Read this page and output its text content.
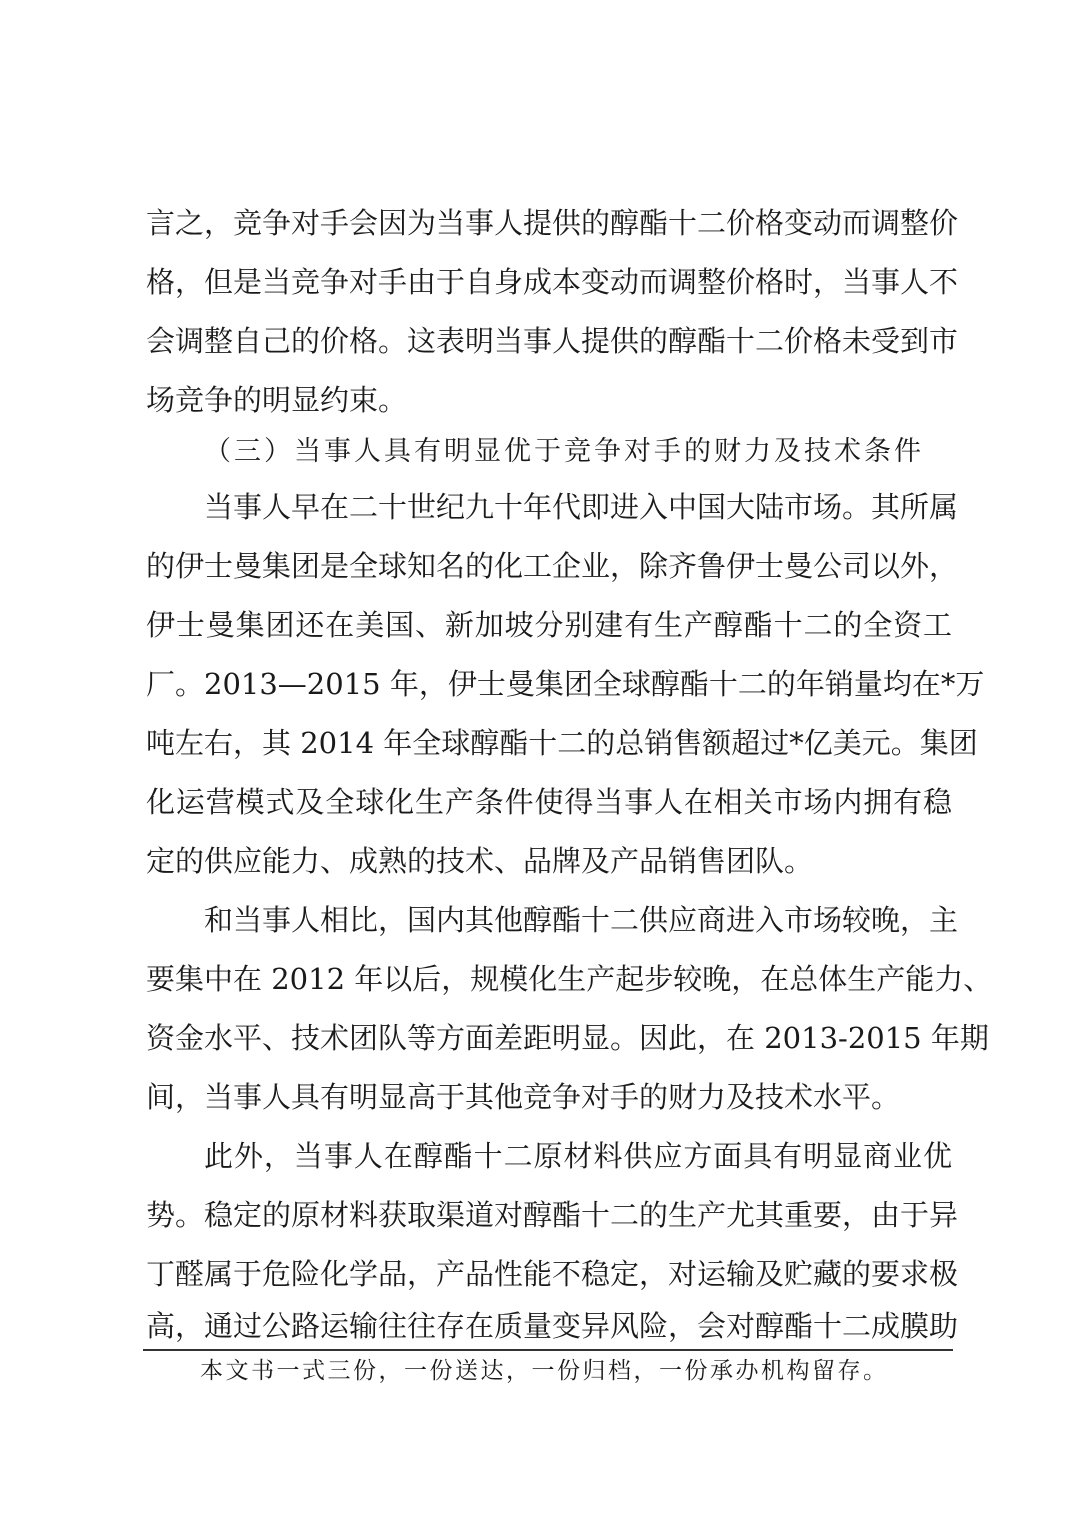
言之，竞争对手会因为当事人提供的醇酯十二价格变动而调整价
格，但是当竞争对手由于自身成本变动而调整价格时，当事人不
会调整自己的价格。这表明当事人提供的醇酯十二价格未受到市
场竞争的明显约束。
（三）当事人具有明显优于竞争对手的财力及技术条件
当事人早在二十世纪九十年代即进入中国大陆市场。其所属
的伊士曼集团是全球知名的化工企业，除齐鲁伊士曼公司以外，
伊士曼集团还在美国、新加坡分别建有生产醇酯十二的全资工
厂。2013—2015 年，伊士曼集团全球醇酯十二的年销量均在*万
吨左右，其 2014 年全球醇酯十二的总销售额超过*亿美元。集团
化运营模式及全球化生产条件使得当事人在相关市场内拥有稳
定的供应能力、成熟的技术、品牌及产品销售团队。
和当事人相比，国内其他醇酯十二供应商进入市场较晚，主
要集中在 2012 年以后，规模化生产起步较晚，在总体生产能力、
资金水平、技术团队等方面差距明显。因此，在 2013-2015 年期
间，当事人具有明显高于其他竞争对手的财力及技术水平。
此外，当事人在醇酯十二原材料供应方面具有明显商业优
势。稳定的原材料获取渠道对醇酯十二的生产尤其重要，由于异
丁醛属于危险化学品，产品性能不稳定，对运输及贮藏的要求极
高，通过公路运输往往存在质量变异风险，会对醇酯十二成膜助
本文书一式三份，一份送达，一份归档，一份承办机构留存。
